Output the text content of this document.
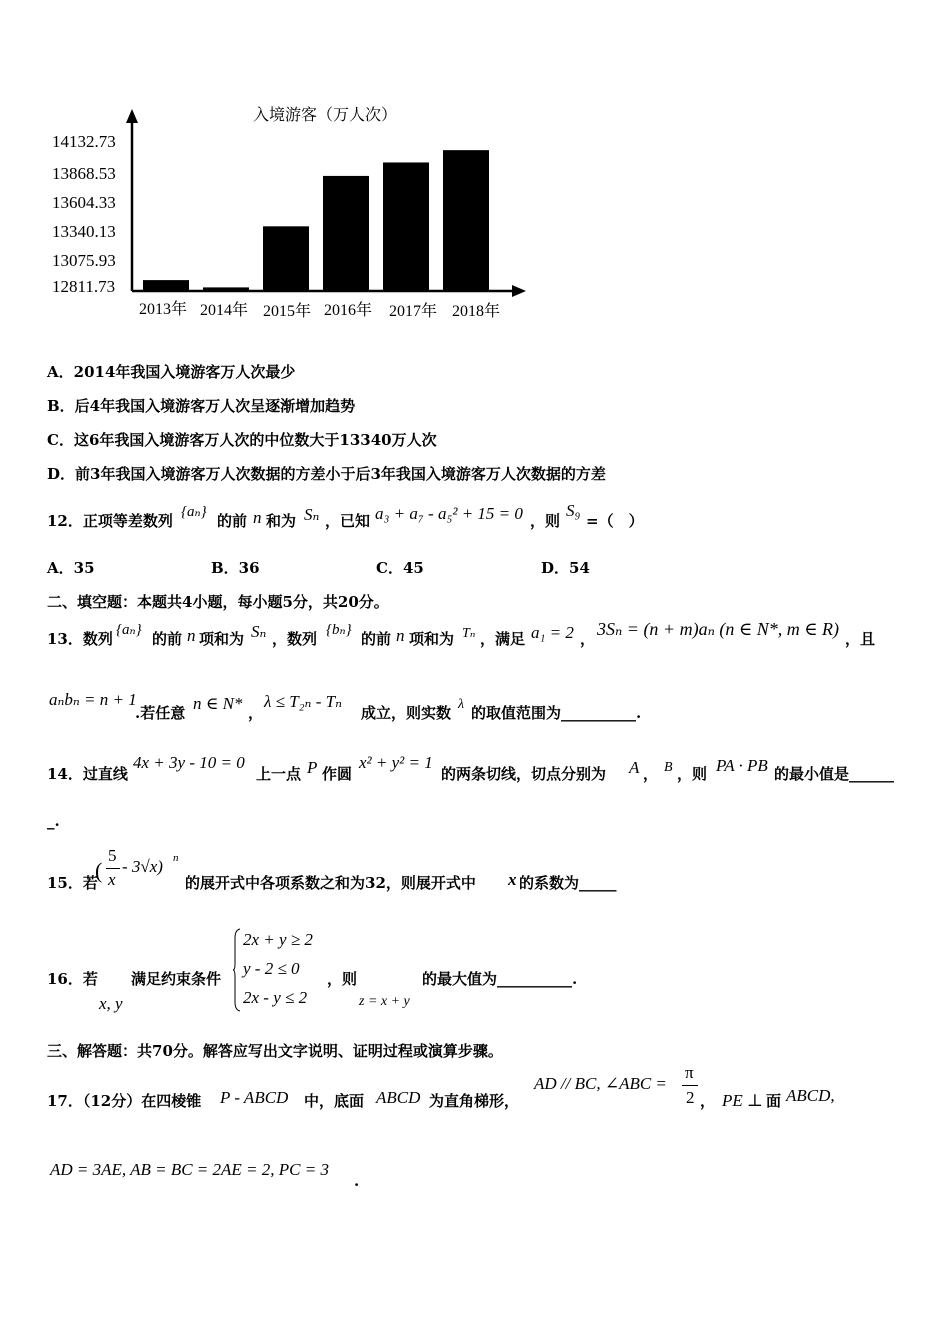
入境游客（万人次）
14132.73
13868.53
13604.33
13340.13
13075.93
12811.73
2013年 2014年 2015年 2016年 2017年 2018年
A．2014年我国入境游客万人次最少
B．后4年我国入境游客万人次呈逐渐增加趋势
C．这6年我国入境游客万人次的中位数大于13340万人次
D．前3年我国入境游客万人次数据的方差小于后3年我国入境游客万人次数据的方差
12．正项等差数列 {aₙ} 的前 n 和为 Sₙ ，已知 a₃ + a₇ - a₅² + 15 = 0 ，则
S₉
=（　）
A．35	B．36	C．45	D．54
二、填空题：本题共4小题，每小题5分，共20分。
13．数列 {aₙ} 的前 n 项和为 Sₙ ，数列 {bₙ} 的前 n 项和为 Tₙ ，满足 a₁ = 2 ， 3Sₙ = (n + m)aₙ (n ∈ N*, m ∈ R) ，且
aₙbₙ = n + 1
.若任意 n ∈ N* ，
λ ≤ T₂ₙ - Tₙ
成立，则实数 λ 的取值范围为__________.
14．过直线
4x + 3y - 10 = 0
上一点 P 作圆
x² + y² = 1
的两条切线，切点分别为 A ， B ，则 PA · PB 的最小值是______
_.
15．若
(
5
x
- 3√x) n
的展开式中各项系数之和为32，则展开式中 x 的系数为_____
16．若
x, y
满足约束条件
2x + y ≥ 2
y - 2 ≤ 0
2x - y ≤ 2
，则
z = x + y
的最大值为__________.
三、解答题：共70分。解答应写出文字说明、证明过程或演算步骤。
17．（12分）在四棱锥 P - ABCD 中，底面 ABCD 为直角梯形，
AD // BC, ∠ABC =
π
2 ， PE ⊥ 面 ABCD,
AD = 3AE, AB = BC = 2AE = 2, PC = 3
.
